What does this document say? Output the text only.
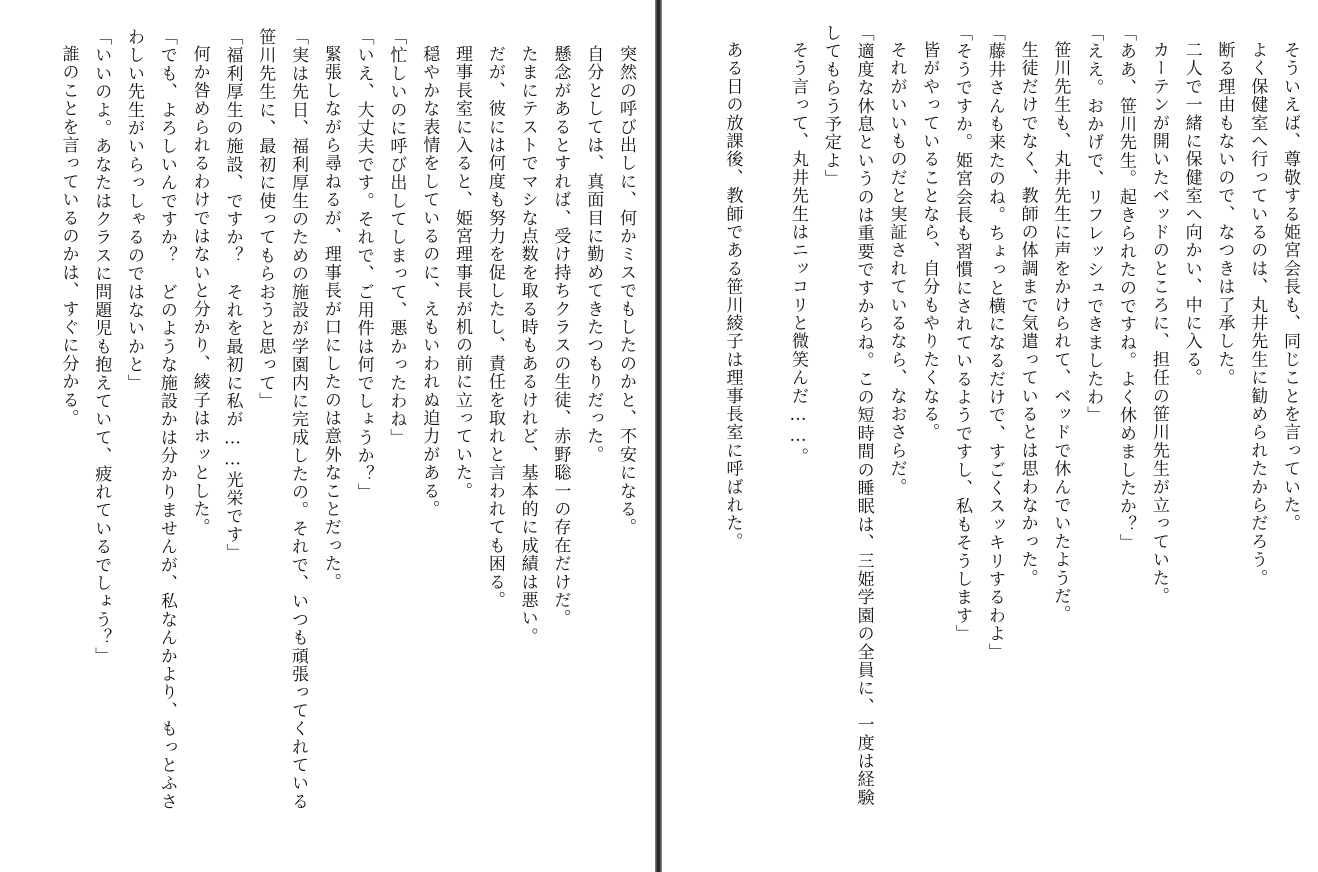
突然の呼び出しに、何かミスでもしたのかと、不安になる。

自分としては、真面目に勤めてきたつもりだった。

懸念があるとすれば、受け持ちクラスの生徒、赤野聡一の存在だけだ。

たまにテストでマシな点数を取る時もあるけれど、基本的に成績は悪い。

だが、彼には何度も努力を促したし、責任を取れと言われても困る。

理事長室に入ると、姫宮理事長が机の前に立っていた。

穏やかな表情をしているのに、えもいわれぬ迫力がある。

「忙しいのに呼び出してしまって、悪かったわね」

「いえ、大丈夫です。それで、ご用件は何でしょうか？」

緊張しながら尋ねるが、理事長が口にしたのは意外なことだった。

「実は先日、福利厚生のための施設が学園内に完成したの。それで、いつも頑張ってくれている

笹川先生に、最初に使ってもらおうと思って」

「福利厚生の施設、ですか？　それを最初に私が……光栄です」

何か咎められるわけではないと分かり、綾子はホッとした。

「でも、よろしいんですか？　どのような施設かは分かりませんが、私なんかより、もっとふさ

わしい先生がいらっしゃるのではないかと」

「いいのよ。あなたはクラスに問題児も抱えていて、疲れているでしょう？」

誰のことを言っているのかは、すぐに分かる。	そういえば、尊敬する姫宮会長も、同じことを言っていた。

よく保健室へ行っているのは、丸井先生に勧められたからだろう。

断る理由もないので、なつきは了承した。

二人で一緒に保健室へ向かい、中に入る。

カーテンが開いたベッドのところに、担任の笹川先生が立っていた。

「ああ、笹川先生。起きられたのですね。よく休めましたか？」

「ええ。おかげで、リフレッシュできましたわ」

笹川先生も、丸井先生に声をかけられて、ベッドで休んでいたようだ。

生徒だけでなく、教師の体調まで気遣っているとは思わなかった。

「藤井さんも来たのね。ちょっと横になるだけで、すごくスッキリするわよ」

「そうですか。姫宮会長も習慣にされているようですし、私もそうします」

皆がやっていることなら、自分もやりたくなる。

それがいいものだと実証されているなら、なおさらだ。

「適度な休息というのは重要ですからね。この短時間の睡眠は、三姫学園の全員に、一度は経験

してもらう予定よ」

そう言って、丸井先生はニッコリと微笑んだ……。

ある日の放課後、教師である笹川綾子は理事長室に呼ばれた。
